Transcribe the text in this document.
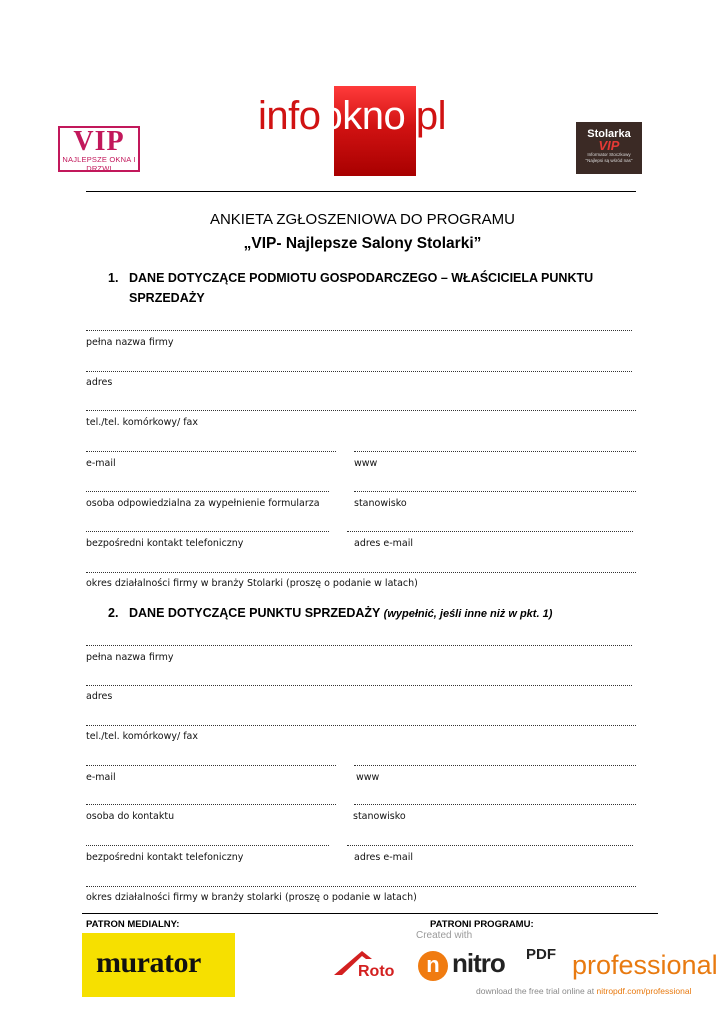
VIP
NAJLEPSZE OKNA I DRZWI
infookno.pl	Stolarka
VIP
Informator Stoczkowy
"Najlepsi są wśród nas"
ANKIETA ZGŁOSZENIOWA DO PROGRAMU
„VIP- Najlepsze Salony Stolarki”
1. DANE DOTYCZĄCE PODMIOTU GOSPODARCZEGO – WŁAŚCICIELA PUNKTU
SPRZEDAŻY
pełna nazwa firmy
adres
tel./tel. komórkowy/ fax
e-mail	www
osoba odpowiedzialna za wypełnienie formularza	stanowisko
bezpośredni kontakt telefoniczny	adres e-mail
okres działalności firmy w branży Stolarki (proszę o podanie w latach)
2. DANE DOTYCZĄCE PUNKTU SPRZEDAŻY (wypełnić, jeśli inne niż w pkt. 1)
pełna nazwa firmy
adres
tel./tel. komórkowy/ fax
e-mail	www
osoba do kontaktu	stanowisko
bezpośredni kontakt telefoniczny	adres e-mail
okres działalności firmy w branży stolarki (proszę o podanie w latach)
PATRON MEDIALNY:	PATRONI PROGRAMU:
murator	Roto
Created with
n nitro PDF professional
download the free trial online at nitropdf.com/professional
